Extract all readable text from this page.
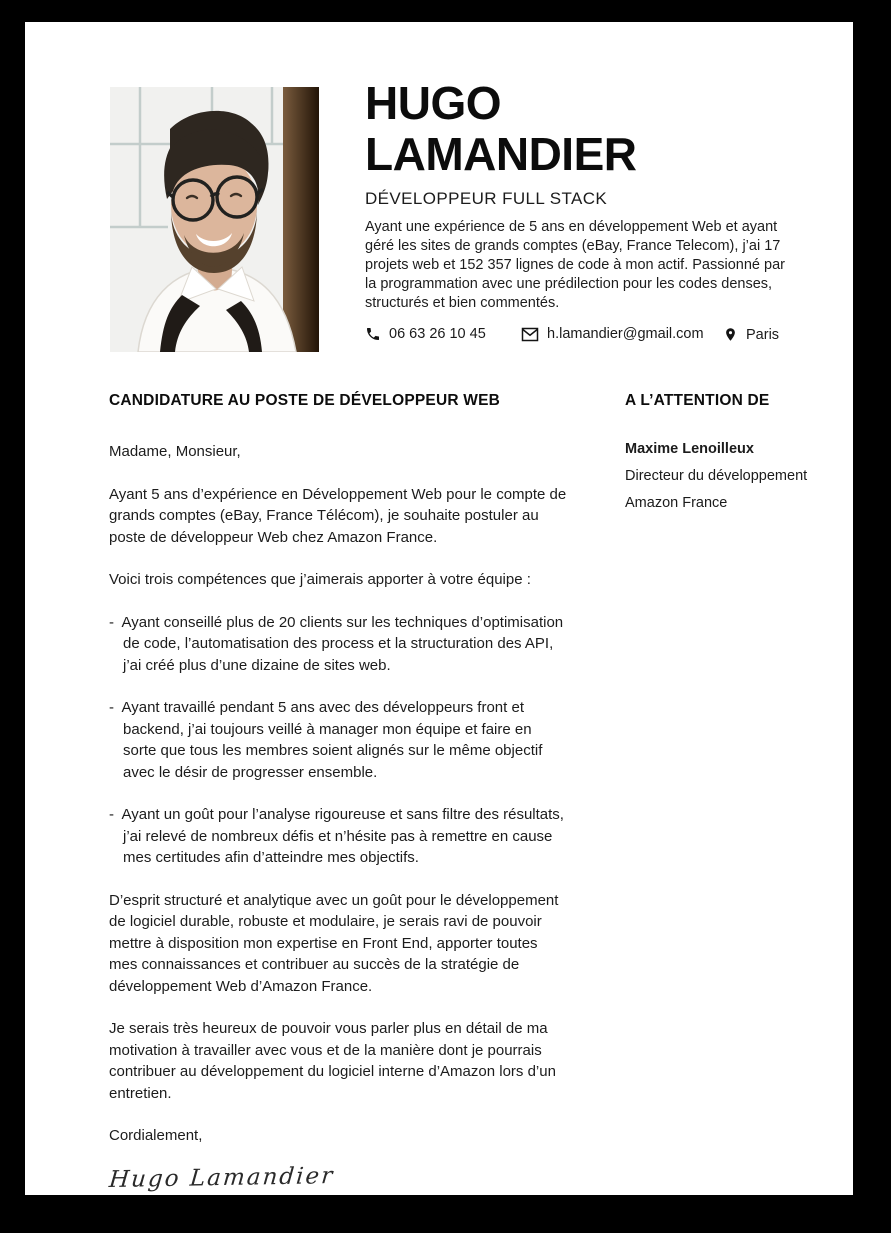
HUGO
LAMANDIER
DÉVELOPPEUR FULL STACK
Ayant une expérience de 5 ans en développement Web et ayant géré les sites de grands comptes (eBay, France Telecom), j’ai 17 projets web et 152 357 lignes de code à mon actif. Passionné par la programmation avec une prédilection pour les codes denses, structurés et bien commentés.
06 63 26 10 45	h.lamandier@gmail.com	Paris
CANDIDATURE AU POSTE DE DÉVELOPPEUR WEB

Madame, Monsieur,

Ayant 5 ans d’expérience en Développement Web pour le compte de grands comptes (eBay, France Télécom), je souhaite postuler au poste de développeur Web chez Amazon France.

Voici trois compétences que j’aimerais apporter à votre équipe :

- Ayant conseillé plus de 20 clients sur les techniques d’optimisation de code, l’automatisation des process et la structuration des API, j’ai créé plus d’une dizaine de sites web.
- Ayant travaillé pendant 5 ans avec des développeurs front et backend, j’ai toujours veillé à manager mon équipe et faire en sorte que tous les membres soient alignés sur le même objectif avec le désir de progresser ensemble.
- Ayant un goût pour l’analyse rigoureuse et sans filtre des résultats, j’ai relevé de nombreux défis et n’hésite pas à remettre en cause mes certitudes afin d’atteindre mes objectifs.

D’esprit structuré et analytique avec un goût pour le développement de logiciel durable, robuste et modulaire, je serais ravi de pouvoir mettre à disposition mon expertise en Front End, apporter toutes mes connaissances et contribuer au succès de la stratégie de développement Web d’Amazon France.

Je serais très heureux de pouvoir vous parler plus en détail de ma motivation à travailler avec vous et de la manière dont je pourrais contribuer au développement du logiciel interne d’Amazon lors d’un entretien.

Cordialement,

Hugo Lamandier
A L’ATTENTION DE
Maxime Lenoilleux
Directeur du développement
Amazon France
